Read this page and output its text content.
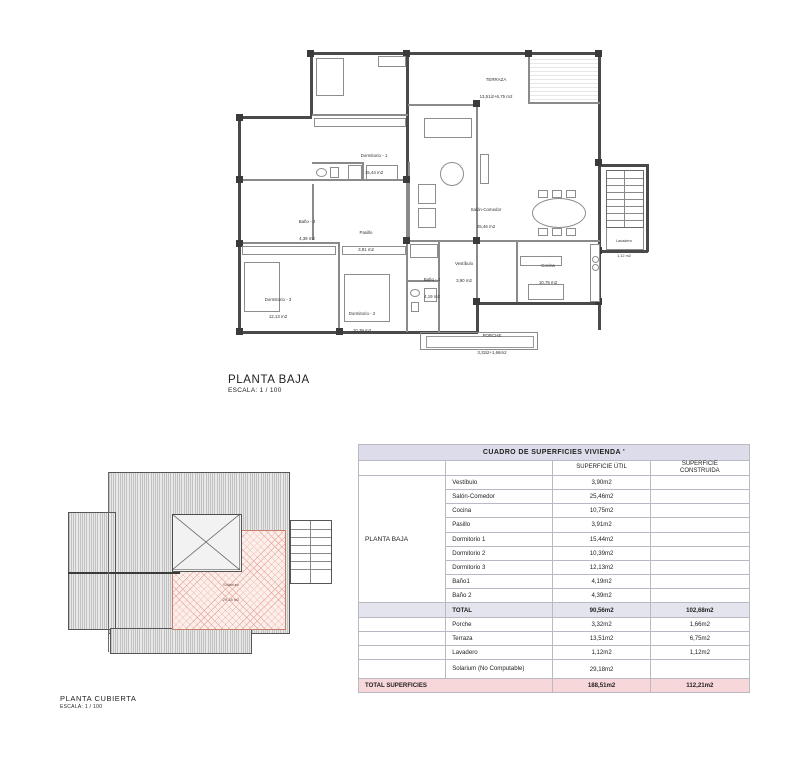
Dormitorio - 1

15,44 m2

Baño - 2

4,39 m2

Dormitorio - 3

12,13 m2

	Dormitorio - 2

10,39 m2

Pasillo

3,91 m2

Vestíbulo

3,90 m2

Baño - 1

4,19 m2

Salón-Comedor

25,46 m2

Cocina

10,75 m2

TERRAZA

13,51i2+6,75 m2

PORCHE

3,32i2+1,66m2

Lavadero

1,12 m2

PLANTA BAJA
ESCALA: 1 / 100

Solarium

29,18 m2

PLANTA CUBIERTA
ESCALA: 1 / 100
CUADRO DE SUPERFICIES VIVIENDA '			
		SUPERFICIE ÚTIL	SUPERFICIE
CONSTRUIDA

PLANTA BAJA	Vestíbulo	3,90m2	
	Salón-Comedor	25,46m2	
	Cocina	10,75m2	
	Pasillo	3,91m2	
	Dormitorio 1	15,44m2	
	Dormitorio 2	10,39m2	
	Dormitorio 3	12,13m2	
	Baño1	4,19m2	
	Baño 2	4,39m2	
	TOTAL	90,56m2	102,68m2
	Porche	3,32m2	1,66m2
	Terraza	13,51m2	6,75m2
	Lavadero	1,12m2	1,12m2
	Solarium (No Computable)	29,18m2	
TOTAL SUPERFICIES		188,51m2	112,21m2
